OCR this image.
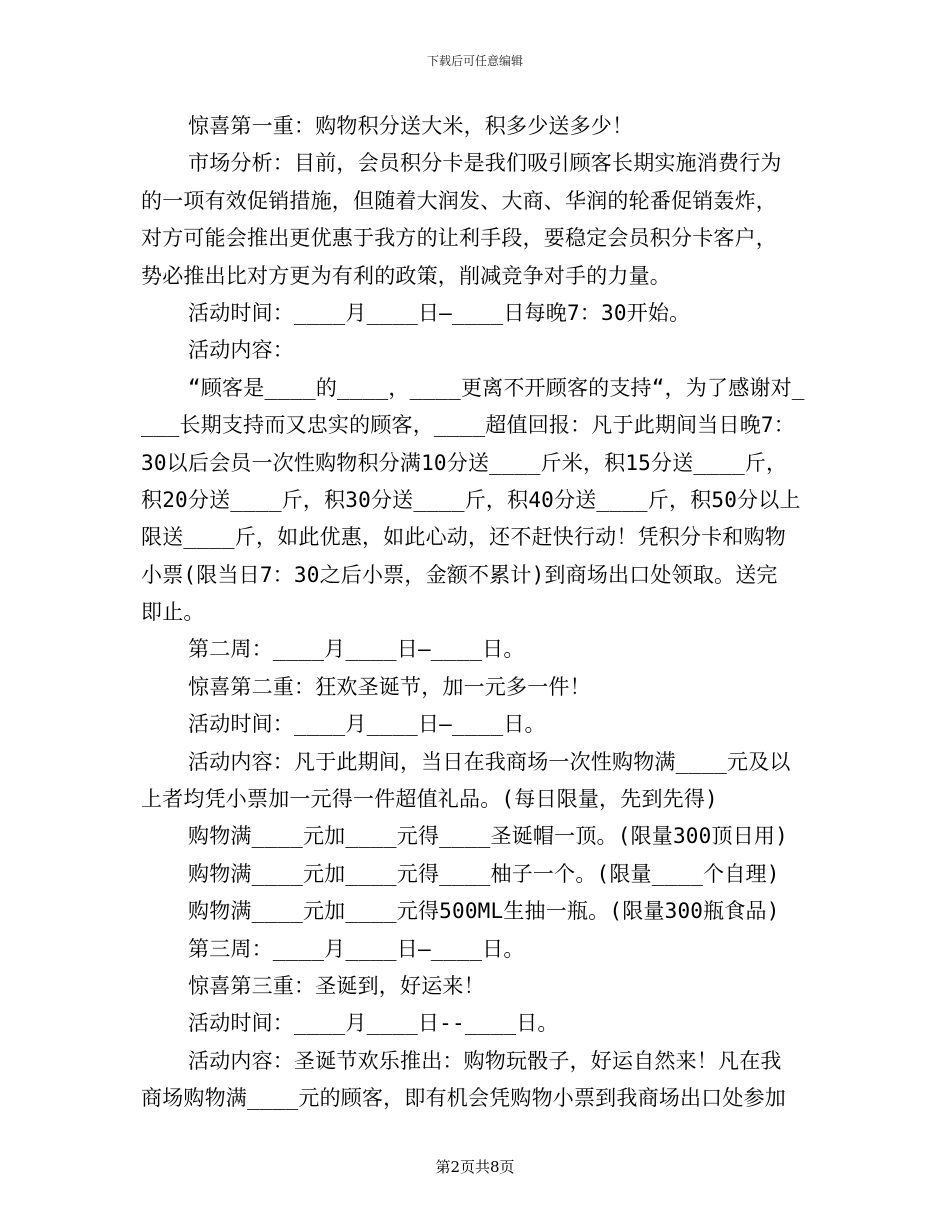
下载后可任意编辑
惊喜第一重：购物积分送大米，积多少送多少！
市场分析：目前，会员积分卡是我们吸引顾客长期实施消费行为
的一项有效促销措施，但随着大润发、大商、华润的轮番促销轰炸，
对方可能会推出更优惠于我方的让利手段，要稳定会员积分卡客户，
势必推出比对方更为有利的政策，削减竞争对手的力量。
活动时间：____月____日—____日每晚7：30开始。
活动内容：
“顾客是____的____，____更离不开顾客的支持“，为了感谢对_
___长期支持而又忠实的顾客，____超值回报：凡于此期间当日晚7：
30以后会员一次性购物积分满10分送____斤米，积15分送____斤，
积20分送____斤，积30分送____斤，积40分送____斤，积50分以上
限送____斤，如此优惠，如此心动，还不赶快行动！凭积分卡和购物
小票(限当日7：30之后小票，金额不累计)到商场出口处领取。送完
即止。
第二周：____月____日—____日。
惊喜第二重：狂欢圣诞节，加一元多一件！
活动时间：____月____日—____日。
活动内容：凡于此期间，当日在我商场一次性购物满____元及以
上者均凭小票加一元得一件超值礼品。(每日限量，先到先得)
购物满____元加____元得____圣诞帽一顶。(限量300顶日用)
购物满____元加____元得____柚子一个。(限量____个自理)
购物满____元加____元得500ML生抽一瓶。(限量300瓶食品)
第三周：____月____日—____日。
惊喜第三重：圣诞到，好运来！
活动时间：____月____日--____日。
活动内容：圣诞节欢乐推出：购物玩骰子，好运自然来！凡在我
商场购物满____元的顾客，即有机会凭购物小票到我商场出口处参加
第2页共8页
